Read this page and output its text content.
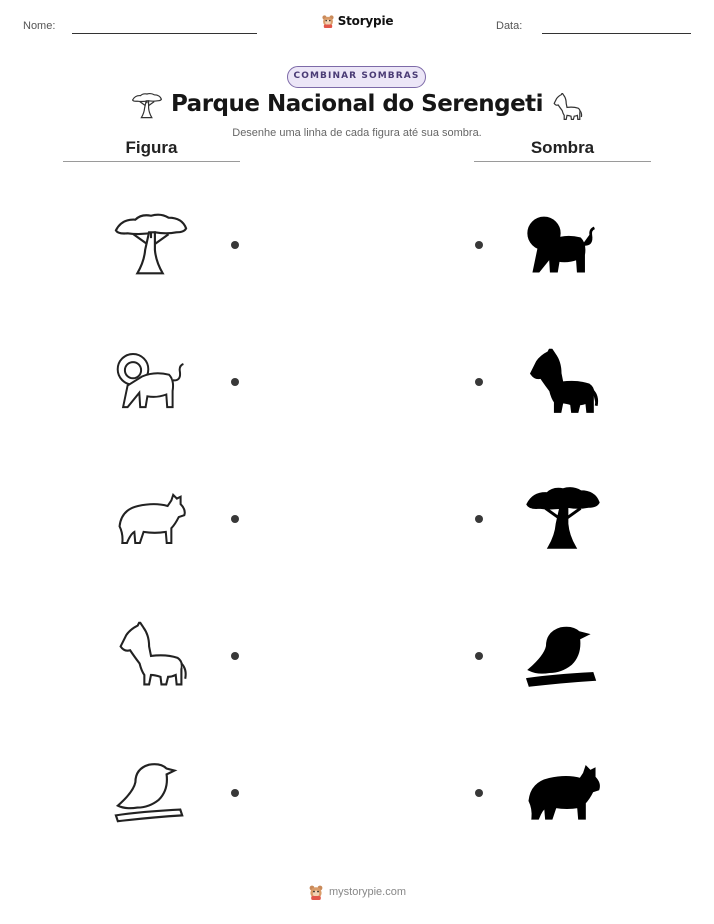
Nome:	Storypie	Data:
COMBINAR SOMBRAS
Parque Nacional do Serengeti
Desenhe uma linha de cada figura até sua sombra.
Figura	Sombra
mystorypie.com
